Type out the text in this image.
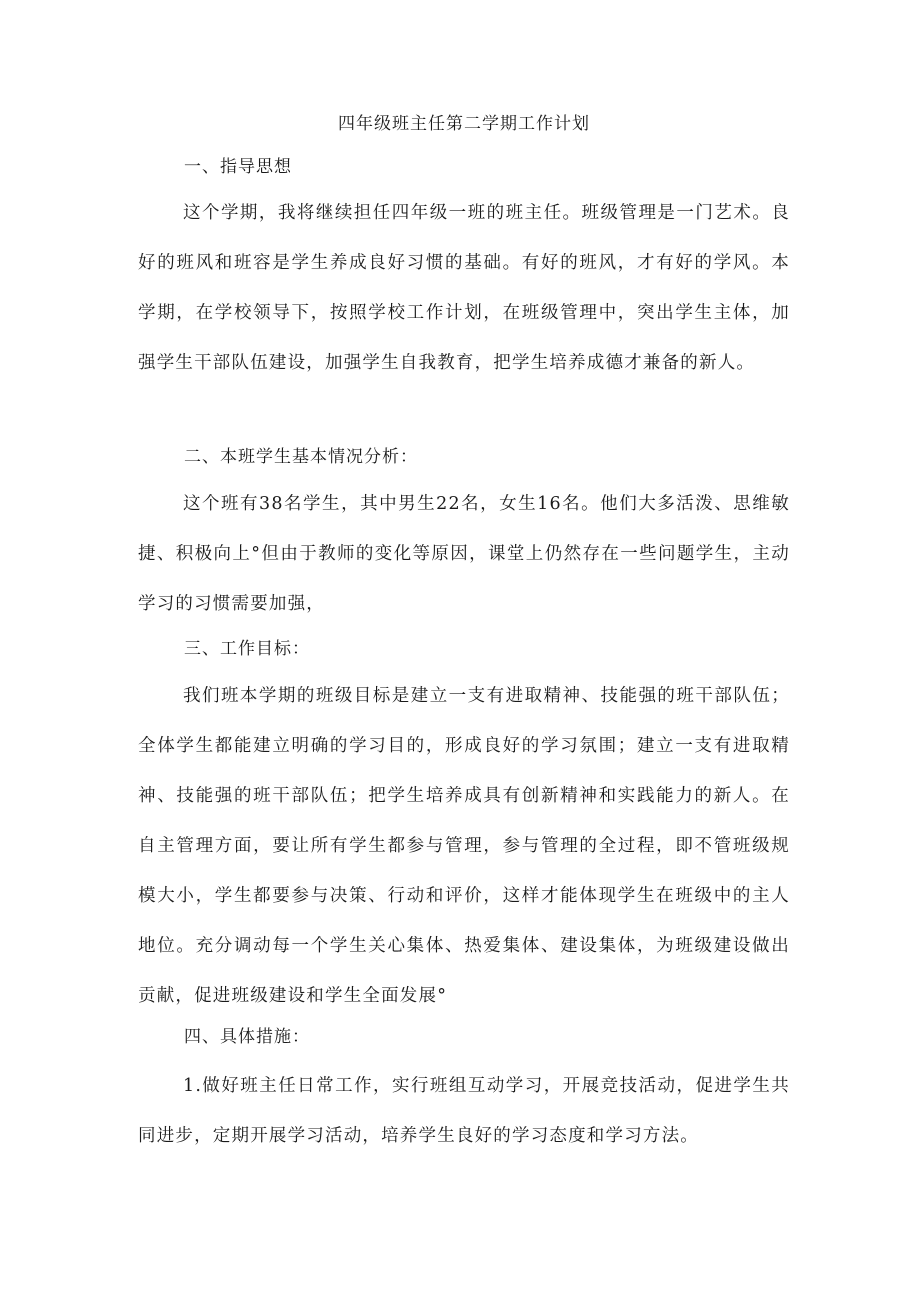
四年级班主任第二学期工作计划
一、指导思想
这个学期，我将继续担任四年级一班的班主任。班级管理是一门艺术。良好的班风和班容是学生养成良好习惯的基础。有好的班风，才有好的学风。本学期，在学校领导下，按照学校工作计划，在班级管理中，突出学生主体，加强学生干部队伍建设，加强学生自我教育，把学生培养成德才兼备的新人。
二、本班学生基本情况分析：
这个班有38名学生，其中男生22名，女生16名。他们大多活泼、思维敏捷、积极向上°但由于教师的变化等原因，课堂上仍然存在一些问题学生，主动学习的习惯需要加强，
三、工作目标：
我们班本学期的班级目标是建立一支有进取精神、技能强的班干部队伍；全体学生都能建立明确的学习目的，形成良好的学习氛围；建立一支有进取精神、技能强的班干部队伍；把学生培养成具有创新精神和实践能力的新人。在自主管理方面，要让所有学生都参与管理，参与管理的全过程，即不管班级规模大小，学生都要参与决策、行动和评价，这样才能体现学生在班级中的主人地位。充分调动每一个学生关心集体、热爱集体、建设集体，为班级建设做出贡献，促进班级建设和学生全面发展°
四、具体措施：
1.做好班主任日常工作，实行班组互动学习，开展竞技活动，促进学生共同进步，定期开展学习活动，培养学生良好的学习态度和学习方法。
